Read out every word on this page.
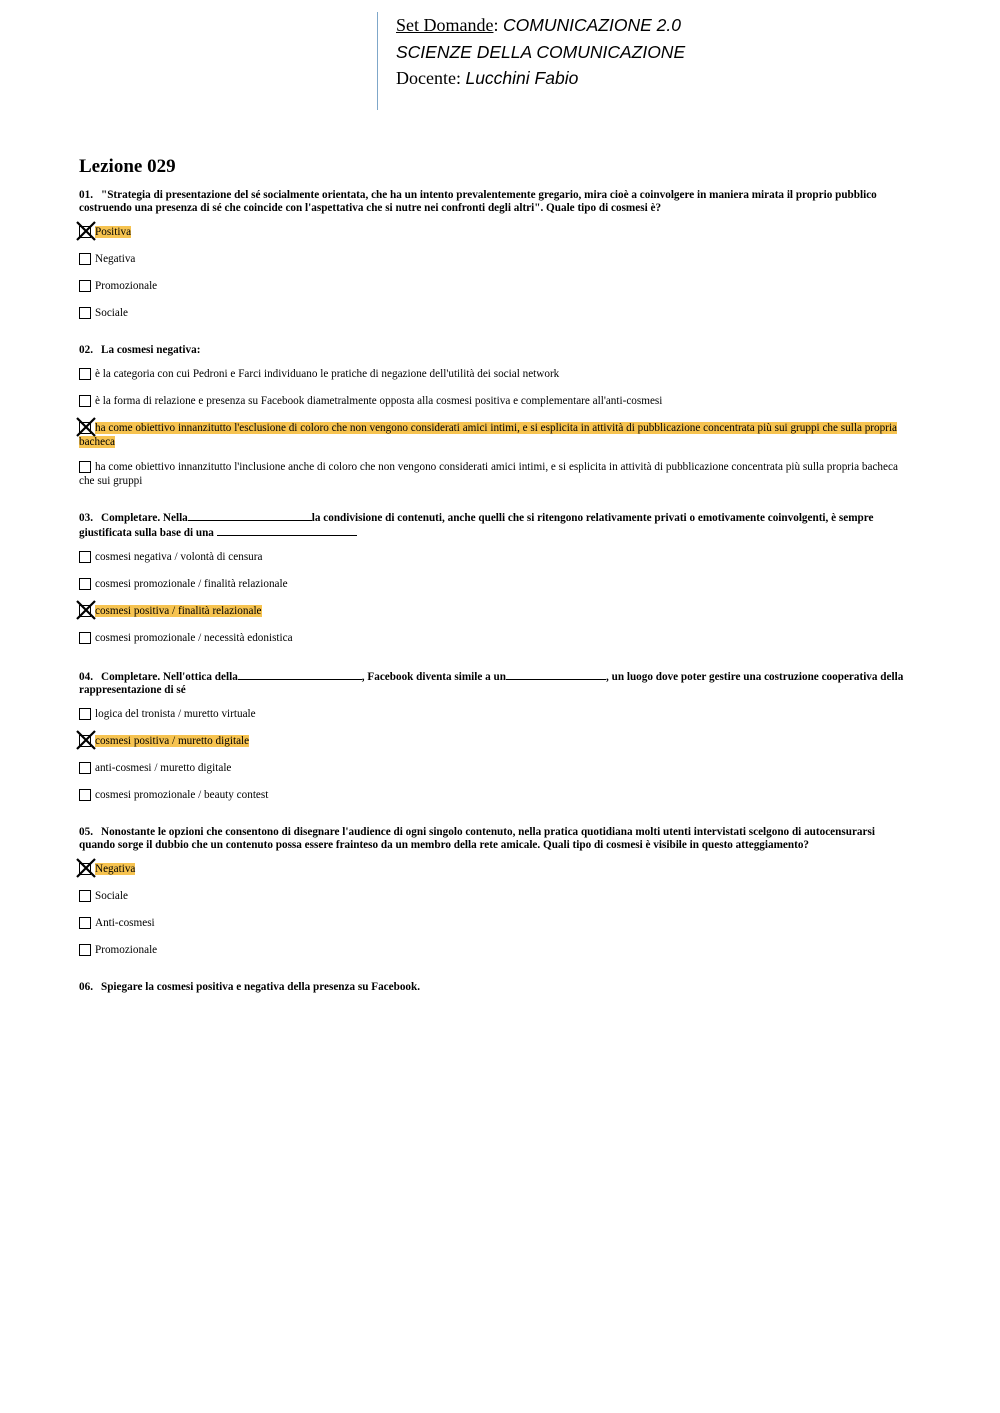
Set Domande: COMUNICAZIONE 2.0
SCIENZE DELLA COMUNICAZIONE
Docente: Lucchini Fabio
Lezione 029
01. "Strategia di presentazione del sé socialmente orientata, che ha un intento prevalentemente gregario, mira cioè a coinvolgere in maniera mirata il proprio pubblico costruendo una presenza di sé che coincide con l'aspettativa che si nutre nei confronti degli altri". Quale tipo di cosmesi è?
Positiva
Negativa
Promozionale
Sociale
02. La cosmesi negativa:
è la categoria con cui Pedroni e Farci individuano le pratiche di negazione dell'utilità dei social network
è la forma di relazione e presenza su Facebook diametralmente opposta alla cosmesi positiva e complementare all'anti-cosmesi
ha come obiettivo innanzitutto l'esclusione di coloro che non vengono considerati amici intimi, e si esplicita in attività di pubblicazione concentrata più sui gruppi che sulla propria bacheca
ha come obiettivo innanzitutto l'inclusione anche di coloro che non vengono considerati amici intimi, e si esplicita in attività di pubblicazione concentrata più sulla propria bacheca che sui gruppi
03. Completare. Nella	la condivisione di contenuti, anche quelli che si ritengono relativamente privati o emotivamente coinvolgenti, è sempre giustificata sulla base di una
cosmesi negativa / volontà di censura
cosmesi promozionale / finalità relazionale
cosmesi positiva / finalità relazionale
cosmesi promozionale / necessità edonistica
04. Completare. Nell'ottica della	, Facebook diventa simile a un	, un luogo dove poter gestire una costruzione cooperativa della rappresentazione di sé
logica del tronista / muretto virtuale
cosmesi positiva / muretto digitale
anti-cosmesi / muretto digitale
cosmesi promozionale / beauty contest
05. Nonostante le opzioni che consentono di disegnare l'audience di ogni singolo contenuto, nella pratica quotidiana molti utenti intervistati scelgono di autocensurarsi quando sorge il dubbio che un contenuto possa essere frainteso da un membro della rete amicale. Quali tipo di cosmesi è visibile in questo atteggiamento?
Negativa
Sociale
Anti-cosmesi
Promozionale
06. Spiegare la cosmesi positiva e negativa della presenza su Facebook.
